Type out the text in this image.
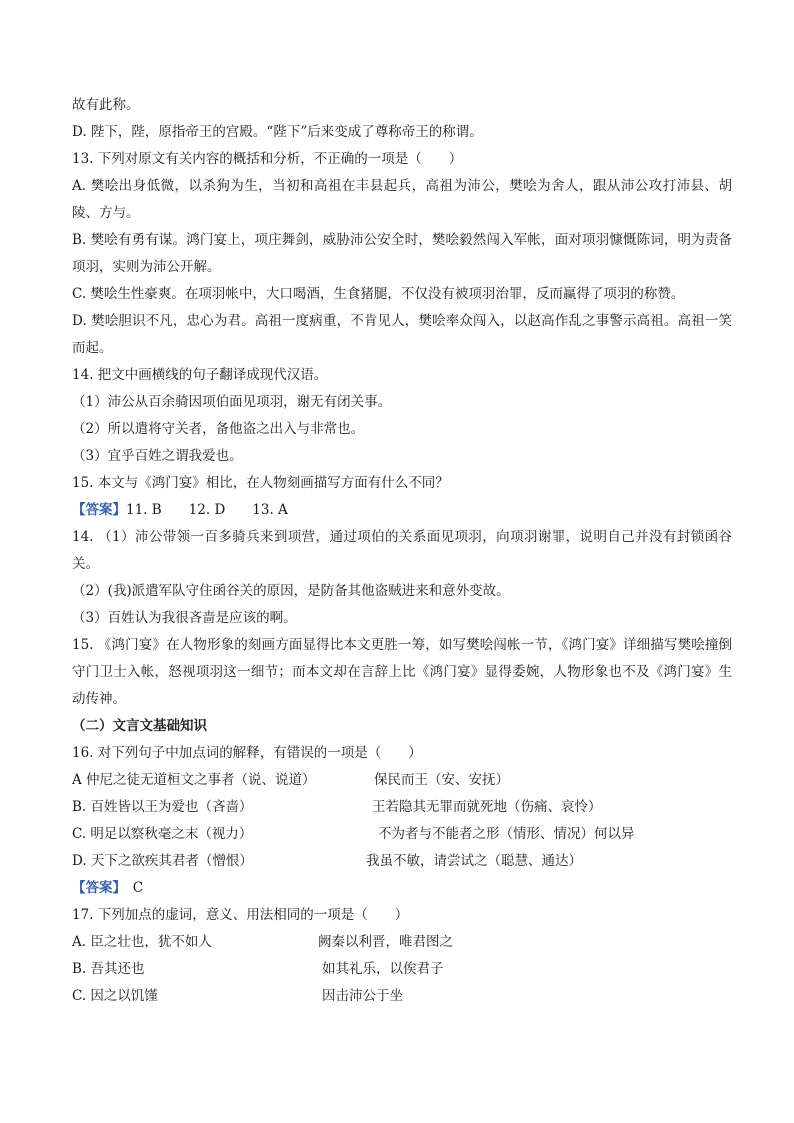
故有此称。
D. 陛下，陛，原指帝王的宫殿。“陛下”后来变成了尊称帝王的称谓。
13. 下列对原文有关内容的概括和分析，不正确的一项是（　　）
A. 樊哙出身低微，以杀狗为生，当初和高祖在丰县起兵，高祖为沛公，樊哙为舍人，跟从沛公攻打沛县、胡陵、方与。
B. 樊哙有勇有谋。鸿门宴上，项庄舞剑，威胁沛公安全时，樊哙毅然闯入军帐，面对项羽慷慨陈词，明为责备项羽，实则为沛公开解。
C. 樊哙生性豪爽。在项羽帐中，大口喝酒，生食猪腿，不仅没有被项羽治罪，反而赢得了项羽的称赞。
D. 樊哙胆识不凡，忠心为君。高祖一度病重，不肯见人，樊哙率众闯入，以赵高作乱之事警示高祖。高祖一笑而起。
14. 把文中画横线的句子翻译成现代汉语。
（1）沛公从百余骑因项伯面见项羽，谢无有闭关事。
（2）所以遣将守关者，备他盗之出入与非常也。
（3）宜乎百姓之谓我爱也。
15. 本文与《鸿门宴》相比，在人物刻画描写方面有什么不同？
【答案】11. B　　12. D　　13. A
14. （1）沛公带领一百多骑兵来到项营，通过项伯的关系面见项羽，向项羽谢罪，说明自己并没有封锁函谷关。
（2）(我)派遣军队守住函谷关的原因，是防备其他盗贼进来和意外变故。
（3）百姓认为我很吝啬是应该的啊。
15. 《鸿门宴》在人物形象的刻画方面显得比本文更胜一筹，如写樊哙闯帐一节，《鸿门宴》详细描写樊哙撞倒守门卫士入帐，怒视项羽这一细节；而本文却在言辞上比《鸿门宴》显得委婉，人物形象也不及《鸿门宴》生动传神。
（二）文言文基础知识
16. 对下列句子中加点词的解释，有错误的一项是（　　）
A 仲尼之徒无道桓文之事者（说、说道）	保民而王（安、安抚）
B. 百姓皆以王为爱也（吝啬）	王若隐其无罪而就死地（伤痛、哀怜）
C. 明足以察秋毫之末（视力）	不为者与不能者之形（情形、情况）何以异
D. 天下之欲疾其君者（憎恨）	我虽不敏，请尝试之（聪慧、通达）
【答案】　C
17. 下列加点的虚词，意义、用法相同的一项是（　　）
A. 臣之壮也，犹不如人	阙秦以利晋，唯君图之
B. 吾其还也	如其礼乐，以俟君子
C. 因之以饥馑	因击沛公于坐
